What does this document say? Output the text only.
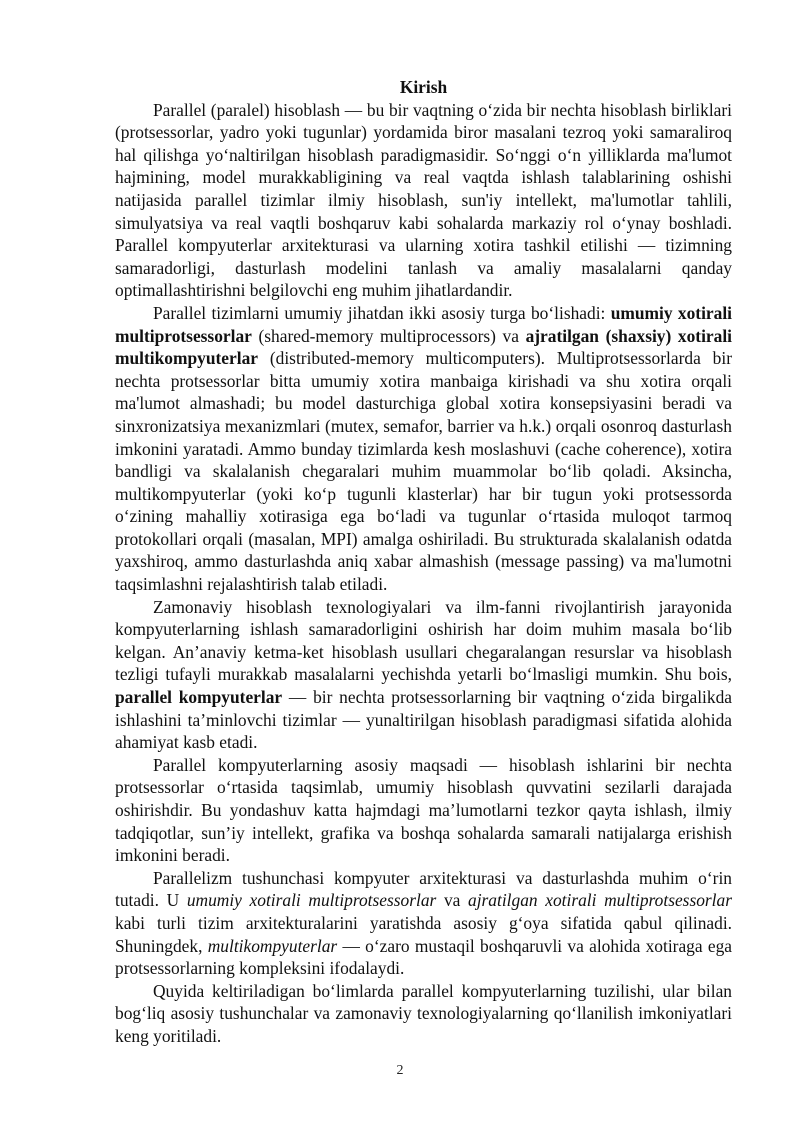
Kirish

Parallel (paralel) hisoblash — bu bir vaqtning o‘zida bir nechta hisoblash birliklari (protsessorlar, yadro yoki tugunlar) yordamida biror masalani tezroq yoki samaraliroq hal qilishga yo‘naltirilgan hisoblash paradigmasidir. So‘nggi o‘n yilliklarda ma'lumot hajmining, model murakkabligining va real vaqtda ishlash talablarining oshishi natijasida parallel tizimlar ilmiy hisoblash, sun'iy intellekt, ma'lumotlar tahlili, simulyatsiya va real vaqtli boshqaruv kabi sohalarda markaziy rol o‘ynay boshladi. Parallel kompyuterlar arxitekturasi va ularning xotira tashkil etilishi — tizimning samaradorligi, dasturlash modelini tanlash va amaliy masalalarni qanday optimallashtirishni belgilovchi eng muhim jihatlardandir.

Parallel tizimlarni umumiy jihatdan ikki asosiy turga bo‘lishadi: umumiy xotirali multiprotsessorlar (shared-memory multiprocessors) va ajratilgan (shaxsiy) xotirali multikompyuterlar (distributed-memory multicomputers). Multiprotsessorlarda bir nechta protsessorlar bitta umumiy xotira manbaiga kirishadi va shu xotira orqali ma'lumot almashadi; bu model dasturchiga global xotira konsepsiyasini beradi va sinxronizatsiya mexanizmlari (mutex, semafor, barrier va h.k.) orqali osonroq dasturlash imkonini yaratadi. Ammo bunday tizimlarda kesh moslashuvi (cache coherence), xotira bandligi va skalalanish chegaralari muhim muammolar bo‘lib qoladi. Aksincha, multikompyuterlar (yoki ko‘p tugunli klasterlar) har bir tugun yoki protsessorda o‘zining mahalliy xotirasiga ega bo‘ladi va tugunlar o‘rtasida muloqot tarmoq protokollari orqali (masalan, MPI) amalga oshiriladi. Bu strukturada skalalanish odatda yaxshiroq, ammo dasturlashda aniq xabar almashish (message passing) va ma'lumotni taqsimlashni rejalashtirish talab etiladi.

Zamonaviy hisoblash texnologiyalari va ilm-fanni rivojlantirish jarayonida kompyuterlarning ishlash samaradorligini oshirish har doim muhim masala bo‘lib kelgan. An’anaviy ketma-ket hisoblash usullari chegaralangan resurslar va hisoblash tezligi tufayli murakkab masalalarni yechishda yetarli bo‘lmasligi mumkin. Shu bois, parallel kompyuterlar — bir nechta protsessorlarning bir vaqtning o‘zida birgalikda ishlashini ta’minlovchi tizimlar — yunaltirilgan hisoblash paradigmasi sifatida alohida ahamiyat kasb etadi.

Parallel kompyuterlarning asosiy maqsadi — hisoblash ishlarini bir nechta protsessorlar o‘rtasida taqsimlab, umumiy hisoblash quvvatini sezilarli darajada oshirishdir. Bu yondashuv katta hajmdagi ma’lumotlarni tezkor qayta ishlash, ilmiy tadqiqotlar, sun’iy intellekt, grafika va boshqa sohalarda samarali natijalarga erishish imkonini beradi.

Parallelizm tushunchasi kompyuter arxitekturasi va dasturlashda muhim o‘rin tutadi. U umumiy xotirali multiprotsessorlar va ajratilgan xotirali multiprotsessorlar kabi turli tizim arxitekturalarini yaratishda asosiy g‘oya sifatida qabul qilinadi. Shuningdek, multikompyuterlar — o‘zaro mustaqil boshqaruvli va alohida xotiraga ega protsessorlarning kompleksini ifodalaydi.

Quyida keltiriladigan bo‘limlarda parallel kompyuterlarning tuzilishi, ular bilan bog‘liq asosiy tushunchalar va zamonaviy texnologiyalarning qo‘llanilish imkoniyatlari keng yoritiladi.

2
